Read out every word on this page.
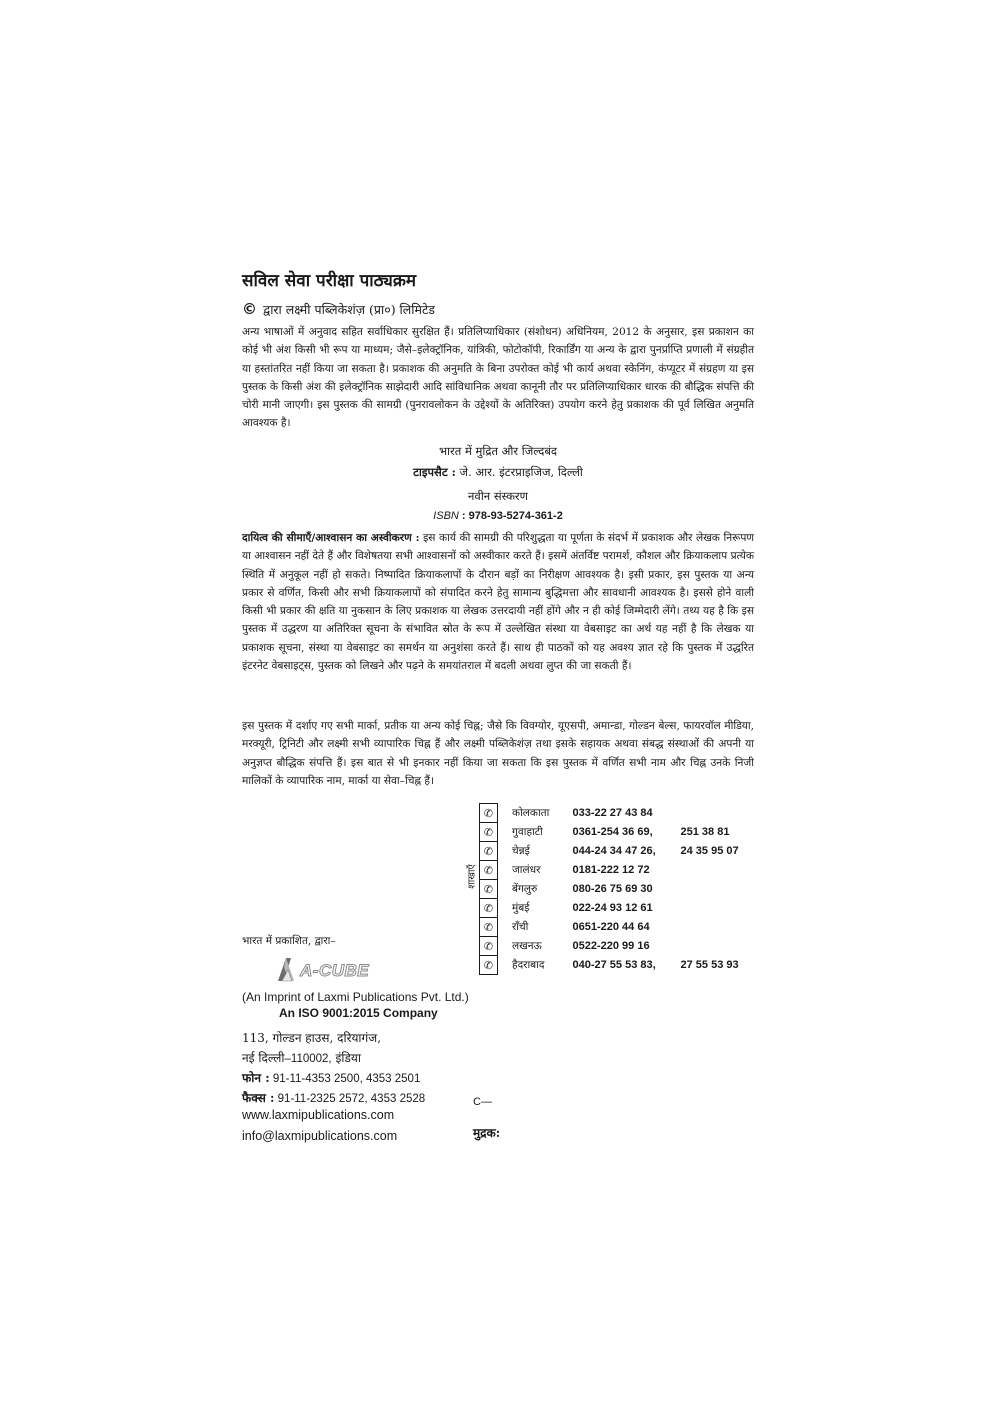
सविल सेवा परीक्षा पाठ्यक्रम
© द्वारा लक्ष्मी पब्लिकेशंज़ (प्रा०) लिमिटेड
अन्य भाषाओं में अनुवाद सहित सर्वाधिकार सुरक्षित हैं। प्रतिलिप्याधिकार (संशोधन) अधिनियम, 2012 के अनुसार, इस प्रकाशन का कोई भी अंश किसी भी रूप या माध्यम; जैसे–इलेक्ट्रॉनिक, यांत्रिकी, फोटोकॉपी, रिकार्डिंग या अन्य के द्वारा पुनर्प्राप्ति प्रणाली में संग्रहीत या हस्तांतरित नहीं किया जा सकता है। प्रकाशक की अनुमति के बिना उपरोक्त कोई भी कार्य अथवा स्केनिंग, कंप्यूटर में संग्रहण या इस पुस्तक के किसी अंश की इलेक्ट्रॉनिक साझेदारी आदि सांविधानिक अथवा कानूनी तौर पर प्रतिलिप्याधिकार धारक की बौद्धिक संपत्ति की चोरी मानी जाएगी। इस पुस्तक की सामग्री (पुनरावलोकन के उद्देश्यों के अतिरिक्त) उपयोग करने हेतु प्रकाशक की पूर्व लिखित अनुमति आवश्यक है।
भारत में मुद्रित और जिल्दबंद
टाइपसैट : जे. आर. इंटरप्राइजिज, दिल्ली
नवीन संस्करण
ISBN : 978-93-5274-361-2
दायित्व की सीमाएँ/आश्वासन का अस्वीकरण : इस कार्य की सामग्री की परिशुद्धता या पूर्णता के संदर्भ में प्रकाशक और लेखक निरूपण या आश्वासन नहीं देते हैं और विशेषतया सभी आश्वासनों को अस्वीकार करते हैं। इसमें अंतर्विष्ट परामर्श, कौशल और क्रियाकलाप प्रत्येक स्थिति में अनुकूल नहीं हो सकते। निष्पादित क्रियाकलापों के दौरान बड़ों का निरीक्षण आवश्यक है। इसी प्रकार, इस पुस्तक या अन्य प्रकार से वर्णित, किसी और सभी क्रियाकलापों को संपादित करने हेतु सामान्य बुद्धिमत्ता और सावधानी आवश्यक है। इससे होने वाली किसी भी प्रकार की क्षति या नुकसान के लिए प्रकाशक या लेखक उत्तरदायी नहीं होंगे और न ही कोई जिम्मेदारी लेंगे। तथ्य यह है कि इस पुस्तक में उद्धरण या अतिरिक्त सूचना के संभावित स्रोत के रूप में उल्लेखित संस्था या वेबसाइट का अर्थ यह नहीं है कि लेखक या प्रकाशक सूचना, संस्था या वेबसाइट का समर्थन या अनुशंसा करते हैं। साथ ही पाठकों को यह अवश्य ज्ञात रहे कि पुस्तक में उद्धरित इंटरनेट वेबसाइट्स, पुस्तक को लिखने और पढ़ने के समयांतराल में बदली अथवा लुप्त की जा सकती हैं।
इस पुस्तक में दर्शाए गए सभी मार्का, प्रतीक या अन्य कोई चिह्न; जैसे कि विवग्योर, यूएसपी, अमान्डा, गोल्डन बेल्स, फायरवॉल मीडिया, मरक्यूरी, ट्रिनिटी और लक्ष्मी सभी व्यापारिक चिह्न हैं और लक्ष्मी पब्लिकेशंज़ तथा इसके सहायक अथवा संबद्ध संस्थाओं की अपनी या अनुज्ञप्त बौद्धिक संपत्ति हैं। इस बात से भी इनकार नहीं किया जा सकता कि इस पुस्तक में वर्णित सभी नाम और चिह्न उनके निजी मालिकों के व्यापारिक नाम, मार्का या सेवा–चिह्न हैं।
शाखाएँ
✆	कोलकाता	033-22 27 43 84	
✆	गुवाहाटी	0361-254 36 69,	251 38 81
✆	चेन्नई	044-24 34 47 26,	24 35 95 07
✆	जालंधर	0181-222 12 72	
✆	बेंगलुरु	080-26 75 69 30	
✆	मुंबई	022-24 93 12 61	
✆	राँची	0651-220 44 64	
✆	लखनऊ	0522-220 99 16	
✆	हैदराबाद	040-27 55 53 83,	27 55 53 93
भारत में प्रकाशित, द्वारा–
A-CUBE
(An Imprint of Laxmi Publications Pvt. Ltd.)
An ISO 9001:2015 Company
113, गोल्डन हाउस, दरियागंज,
नई दिल्ली–110002, इंडिया
फोन : 91-11-4353 2500, 4353 2501
फैक्स : 91-11-2325 2572, 4353 2528
www.laxmipublications.com
info@laxmipublications.com
C—
मुद्रक:
